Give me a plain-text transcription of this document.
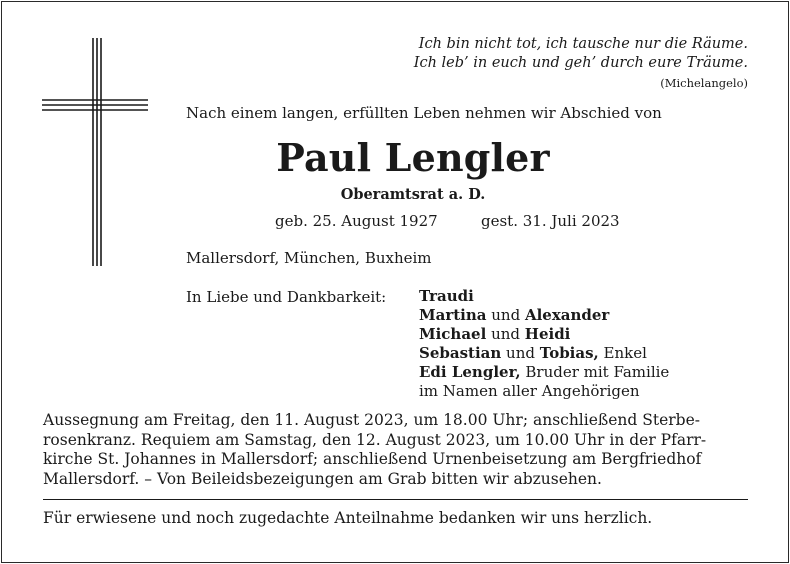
Ich bin nicht tot, ich tausche nur die Räume.
Ich leb’ in euch und geh’ durch eure Träume.
(Michelangelo)
Nach einem langen, erfüllten Leben nehmen wir Abschied von
Paul Lengler
Oberamtsrat a. D.
geb. 25. August 1927	gest. 31. Juli 2023
Mallersdorf, München, Buxheim
In Liebe und Dankbarkeit: Traudi
Martina und Alexander
Michael und Heidi
Sebastian und Tobias, Enkel
Edi Lengler, Bruder mit Familie
im Namen aller Angehörigen
Aussegnung am Freitag, den 11. August 2023, um 18.00 Uhr; anschließend Sterbe-
rosenkranz. Requiem am Samstag, den 12. August 2023, um 10.00 Uhr in der Pfarr-
kirche St. Johannes in Mallersdorf; anschließend Urnenbeisetzung am Bergfriedhof
Mallersdorf. – Von Beileidsbezeigungen am Grab bitten wir abzusehen.
Für erwiesene und noch zugedachte Anteilnahme bedanken wir uns herzlich.
